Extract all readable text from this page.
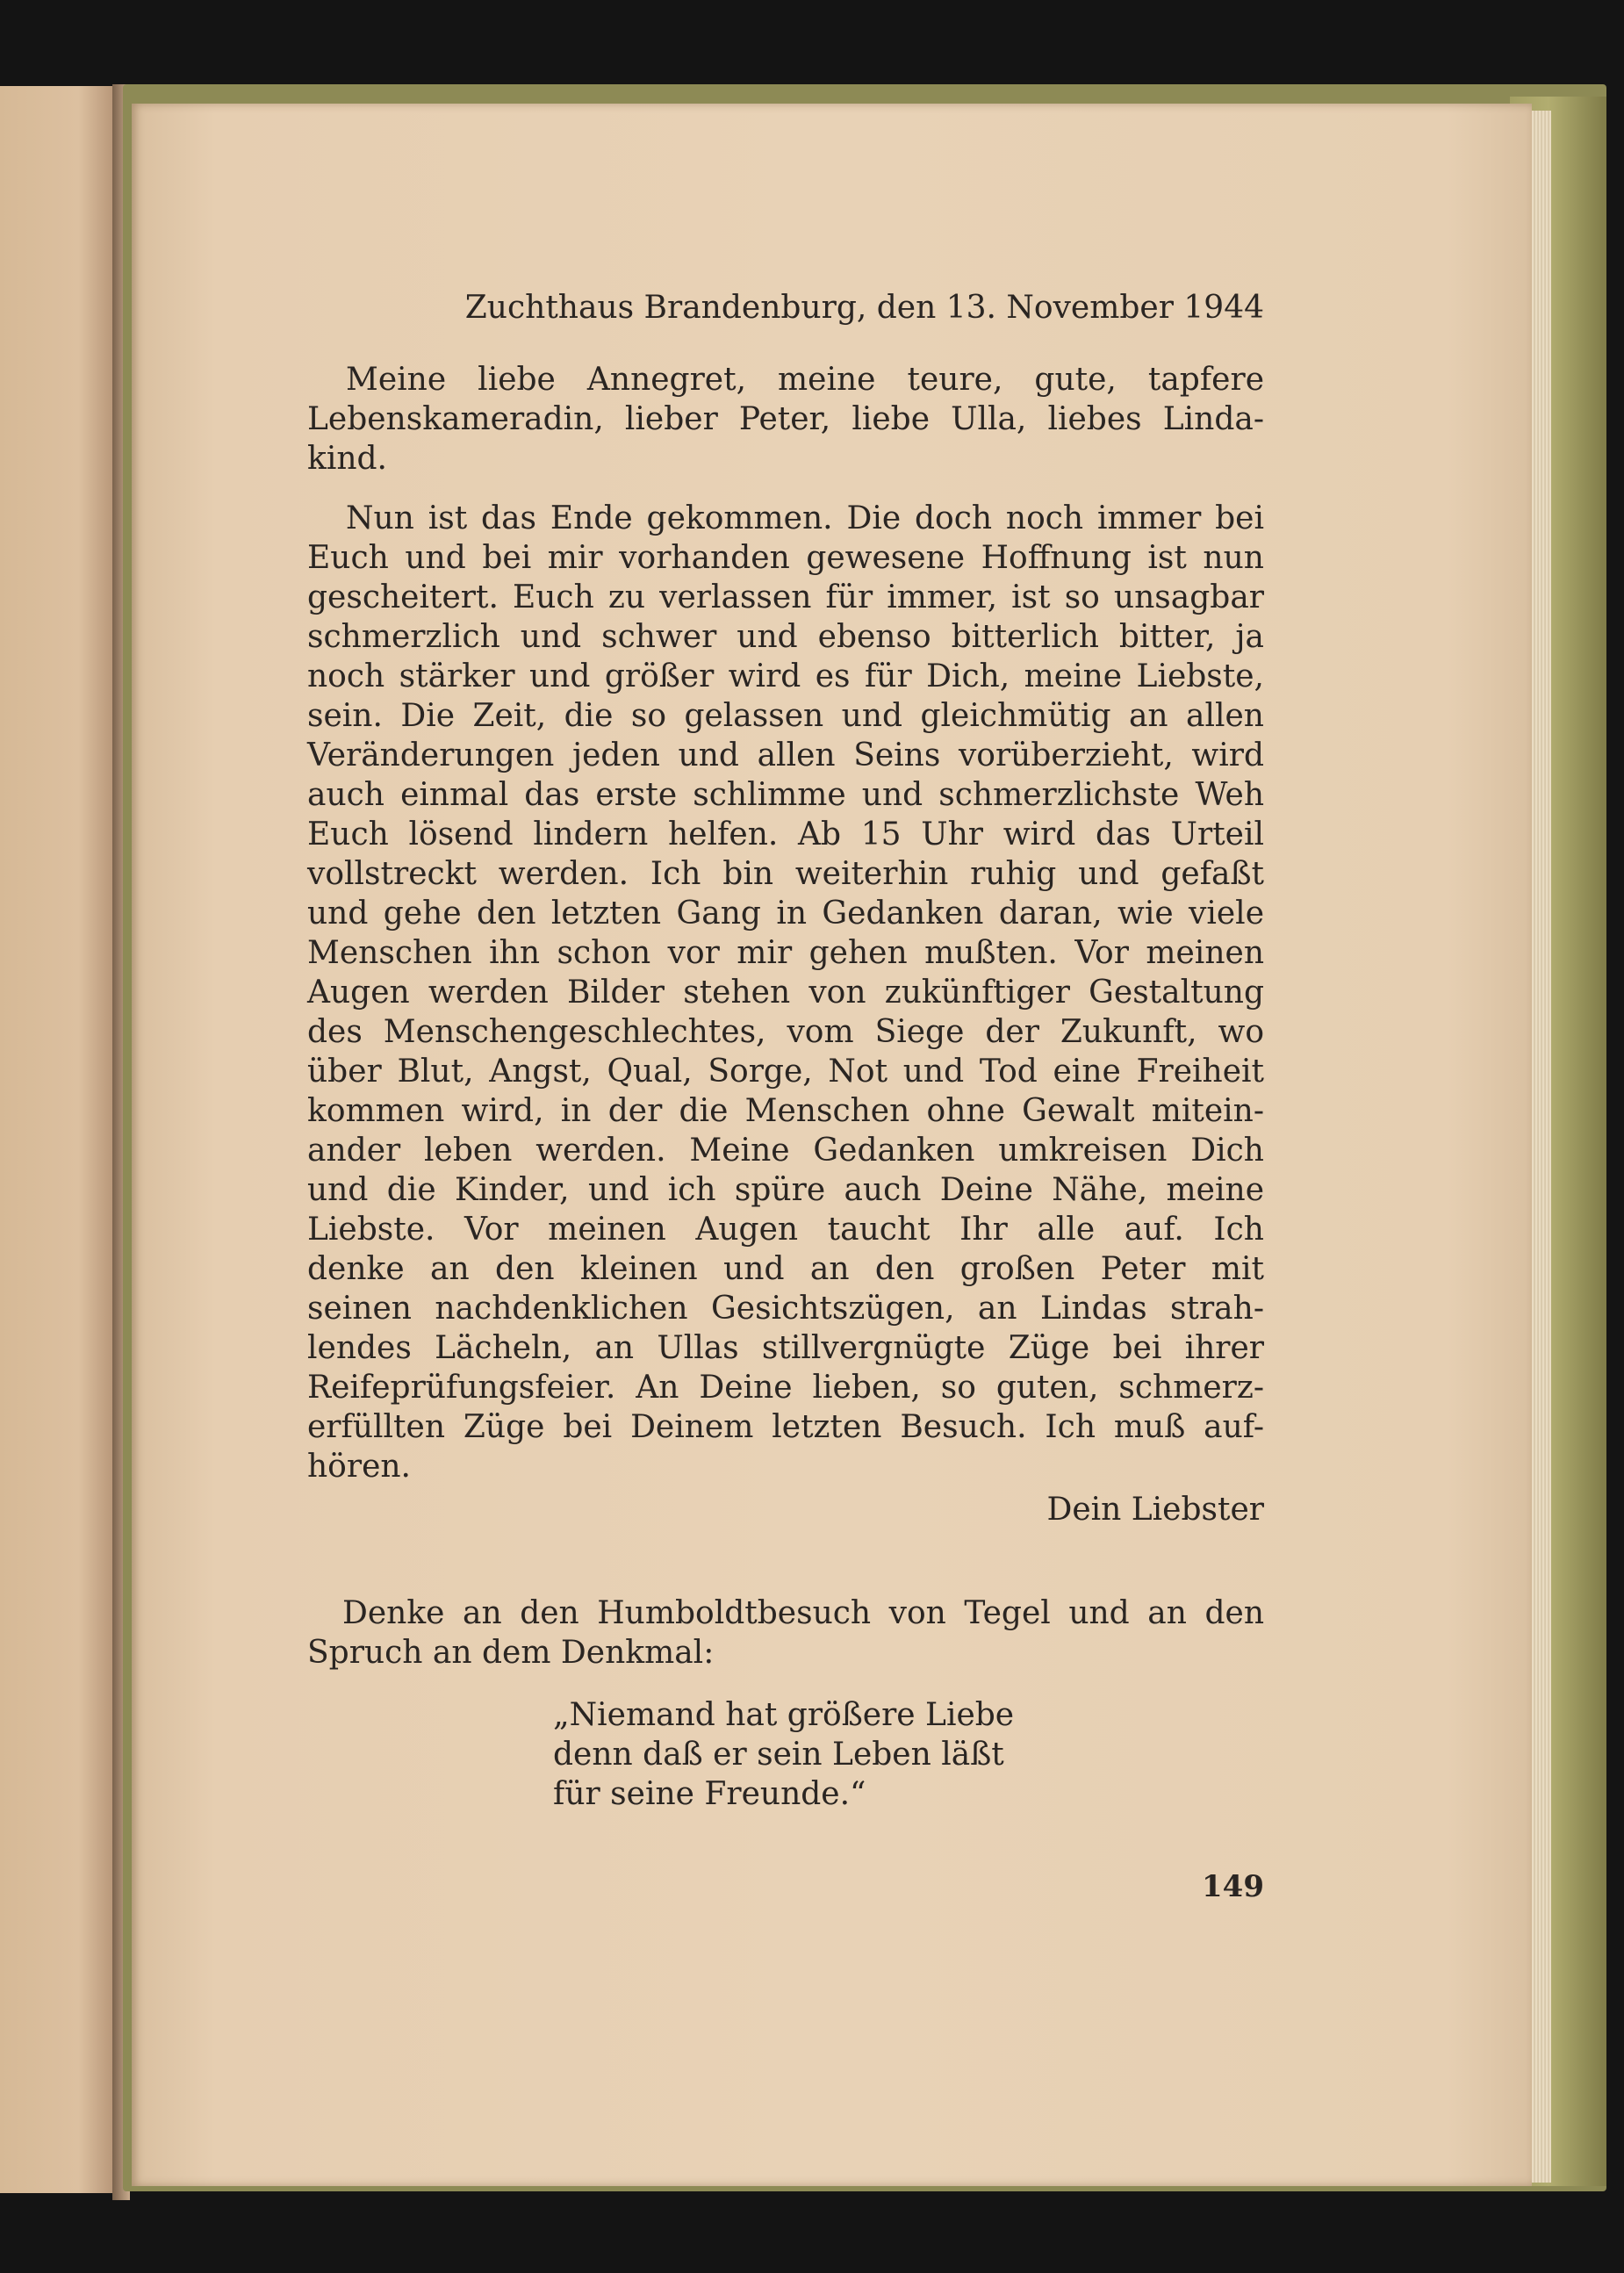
Zuchthaus Brandenburg, den 13. November 1944
Meine liebe Annegret, meine teure, gute, tapfere
Lebenskameradin, lieber Peter, liebe Ulla, liebes Linda-
kind.
Nun ist das Ende gekommen. Die doch noch immer bei
Euch und bei mir vorhanden gewesene Hoffnung ist nun
gescheitert. Euch zu verlassen für immer, ist so unsagbar
schmerzlich und schwer und ebenso bitterlich bitter, ja
noch stärker und größer wird es für Dich, meine Liebste,
sein. Die Zeit, die so gelassen und gleichmütig an allen
Veränderungen jeden und allen Seins vorüberzieht, wird
auch einmal das erste schlimme und schmerzlichste Weh
Euch lösend lindern helfen. Ab 15 Uhr wird das Urteil
vollstreckt werden. Ich bin weiterhin ruhig und gefaßt
und gehe den letzten Gang in Gedanken daran, wie viele
Menschen ihn schon vor mir gehen mußten. Vor meinen
Augen werden Bilder stehen von zukünftiger Gestaltung
des Menschengeschlechtes, vom Siege der Zukunft, wo
über Blut, Angst, Qual, Sorge, Not und Tod eine Freiheit
kommen wird, in der die Menschen ohne Gewalt mitein-
ander leben werden. Meine Gedanken umkreisen Dich
und die Kinder, und ich spüre auch Deine Nähe, meine
Liebste. Vor meinen Augen taucht Ihr alle auf. Ich
denke an den kleinen und an den großen Peter mit
seinen nachdenklichen Gesichtszügen, an Lindas strah-
lendes Lächeln, an Ullas stillvergnügte Züge bei ihrer
Reifeprüfungsfeier. An Deine lieben, so guten, schmerz-
erfüllten Züge bei Deinem letzten Besuch. Ich muß auf-
hören.
Dein Liebster
Denke an den Humboldtbesuch von Tegel und an den
Spruch an dem Denkmal:
„Niemand hat größere Liebe
denn daß er sein Leben läßt
für seine Freunde.“
149
